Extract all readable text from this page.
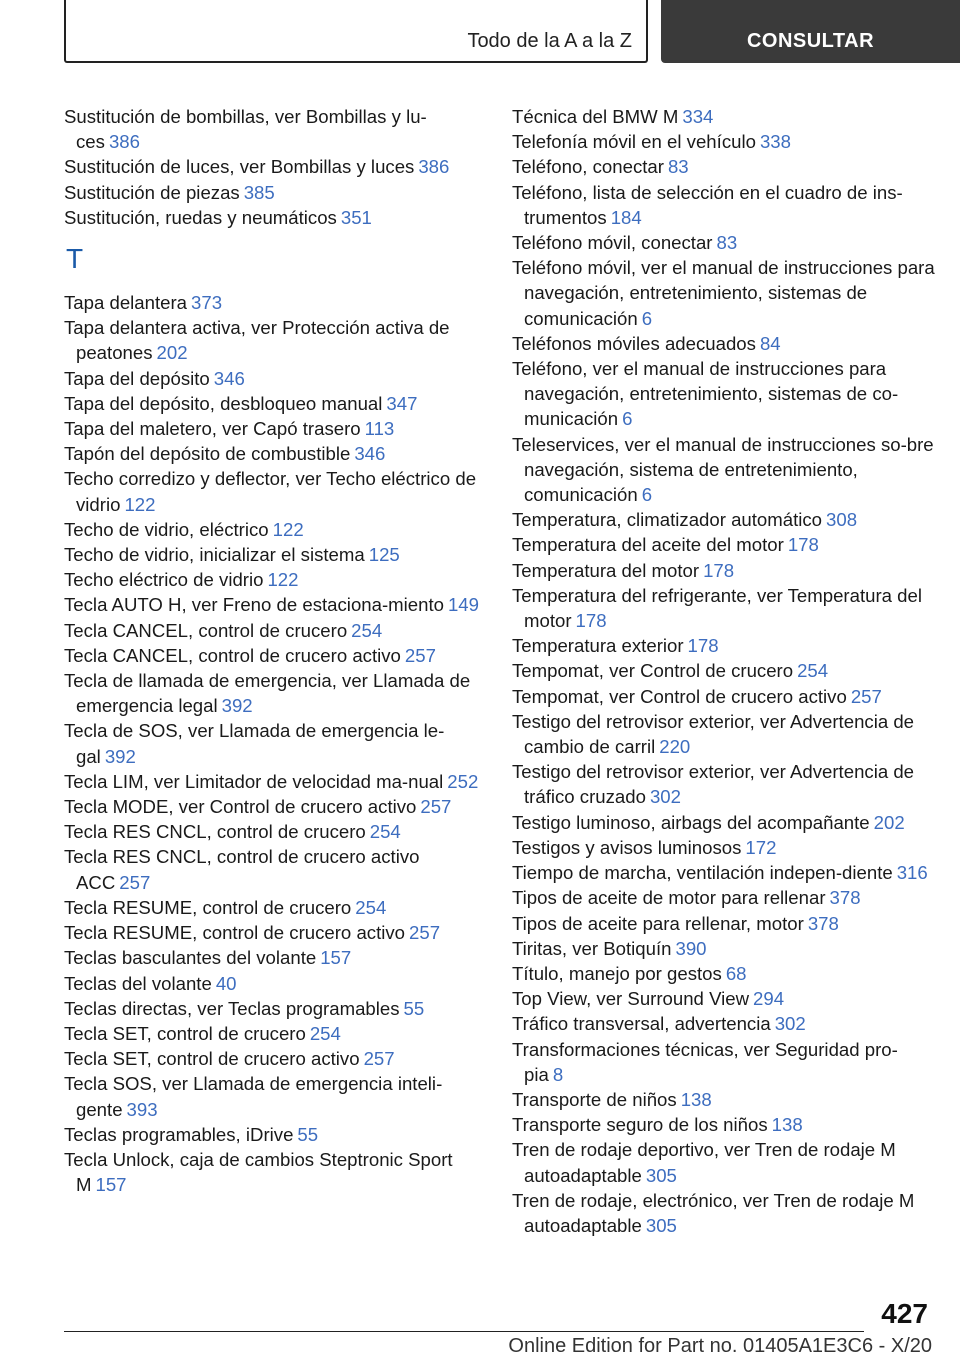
Todo de la A a la Z	CONSULTAR
Sustitución de bombillas, ver Bombillas y lu‐ces 386
Sustitución de luces, ver Bombillas y luces 386
Sustitución de piezas 385
Sustitución, ruedas y neumáticos 351
T
Tapa delantera 373
Tapa delantera activa, ver Protección activa de peatones 202
Tapa del depósito 346
Tapa del depósito, desbloqueo manual 347
Tapa del maletero, ver Capó trasero 113
Tapón del depósito de combustible 346
Techo corredizo y deflector, ver Techo eléctrico de vidrio 122
Techo de vidrio, eléctrico 122
Techo de vidrio, inicializar el sistema 125
Techo eléctrico de vidrio 122
Tecla AUTO H, ver Freno de estaciona‐miento 149
Tecla CANCEL, control de crucero 254
Tecla CANCEL, control de crucero activo 257
Tecla de llamada de emergencia, ver Llamada de emergencia legal 392
Tecla de SOS, ver Llamada de emergencia le‐gal 392
Tecla LIM, ver Limitador de velocidad ma‐nual 252
Tecla MODE, ver Control de crucero activo 257
Tecla RES CNCL, control de crucero 254
Tecla RES CNCL, control de crucero activo ACC 257
Tecla RESUME, control de crucero 254
Tecla RESUME, control de crucero activo 257
Teclas basculantes del volante 157
Teclas del volante 40
Teclas directas, ver Teclas programables 55
Tecla SET, control de crucero 254
Tecla SET, control de crucero activo 257
Tecla SOS, ver Llamada de emergencia inteli‐gente 393
Teclas programables, iDrive 55
Tecla Unlock, caja de cambios Steptronic Sport M 157
Técnica del BMW M 334
Telefonía móvil en el vehículo 338
Teléfono, conectar 83
Teléfono, lista de selección en el cuadro de ins‐trumentos 184
Teléfono móvil, conectar 83
Teléfono móvil, ver el manual de instrucciones para navegación, entretenimiento, sistemas de comunicación 6
Teléfonos móviles adecuados 84
Teléfono, ver el manual de instrucciones para navegación, entretenimiento, sistemas de co‐municación 6
Teleservices, ver el manual de instrucciones so‐bre navegación, sistema de entretenimiento, comunicación 6
Temperatura, climatizador automático 308
Temperatura del aceite del motor 178
Temperatura del motor 178
Temperatura del refrigerante, ver Temperatura del motor 178
Temperatura exterior 178
Tempomat, ver Control de crucero 254
Tempomat, ver Control de crucero activo 257
Testigo del retrovisor exterior, ver Advertencia de cambio de carril 220
Testigo del retrovisor exterior, ver Advertencia de tráfico cruzado 302
Testigo luminoso, airbags del acompañante 202
Testigos y avisos luminosos 172
Tiempo de marcha, ventilación indepen‐diente 316
Tipos de aceite de motor para rellenar 378
Tipos de aceite para rellenar, motor 378
Tiritas, ver Botiquín 390
Título, manejo por gestos 68
Top View, ver Surround View 294
Tráfico transversal, advertencia 302
Transformaciones técnicas, ver Seguridad pro‐pia 8
Transporte de niños 138
Transporte seguro de los niños 138
Tren de rodaje deportivo, ver Tren de rodaje M autoadaptable 305
Tren de rodaje, electrónico, ver Tren de rodaje M autoadaptable 305
427
Online Edition for Part no. 01405A1E3C6 - X/20
